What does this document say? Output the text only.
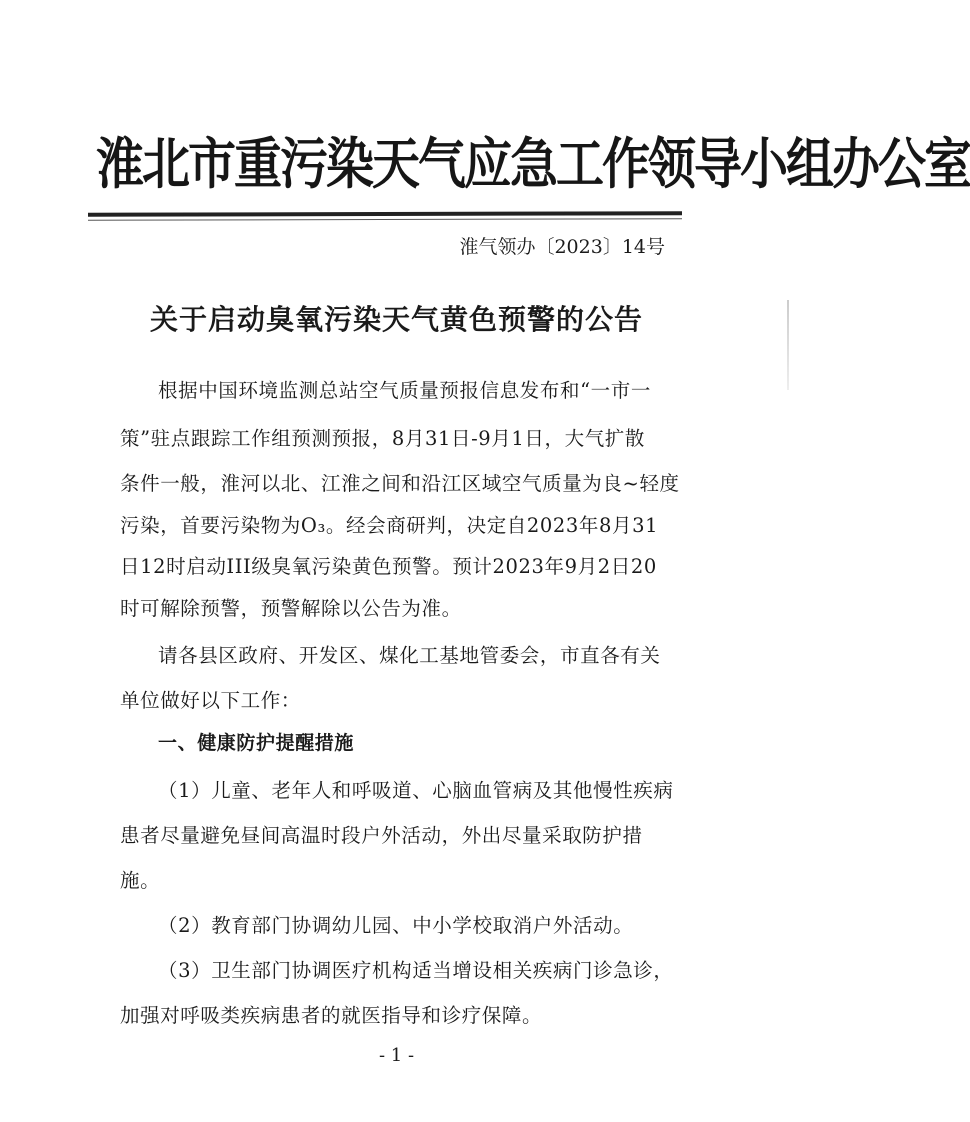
淮北市重污染天气应急工作领导小组办公室
淮气领办〔2023〕14号
关于启动臭氧污染天气黄色预警的公告
根据中国环境监测总站空气质量预报信息发布和“一市一
策”驻点跟踪工作组预测预报，8月31日-9月1日，大气扩散
条件一般，淮河以北、江淮之间和沿江区域空气质量为良~轻度
污染，首要污染物为O₃。经会商研判，决定自2023年8月31
日12时启动III级臭氧污染黄色预警。预计2023年9月2日20
时可解除预警，预警解除以公告为准。
请各县区政府、开发区、煤化工基地管委会，市直各有关
单位做好以下工作：
一、健康防护提醒措施
（1）儿童、老年人和呼吸道、心脑血管病及其他慢性疾病
患者尽量避免昼间高温时段户外活动，外出尽量采取防护措
施。
（2）教育部门协调幼儿园、中小学校取消户外活动。
（3）卫生部门协调医疗机构适当增设相关疾病门诊急诊，
加强对呼吸类疾病患者的就医指导和诊疗保障。
- 1 -
